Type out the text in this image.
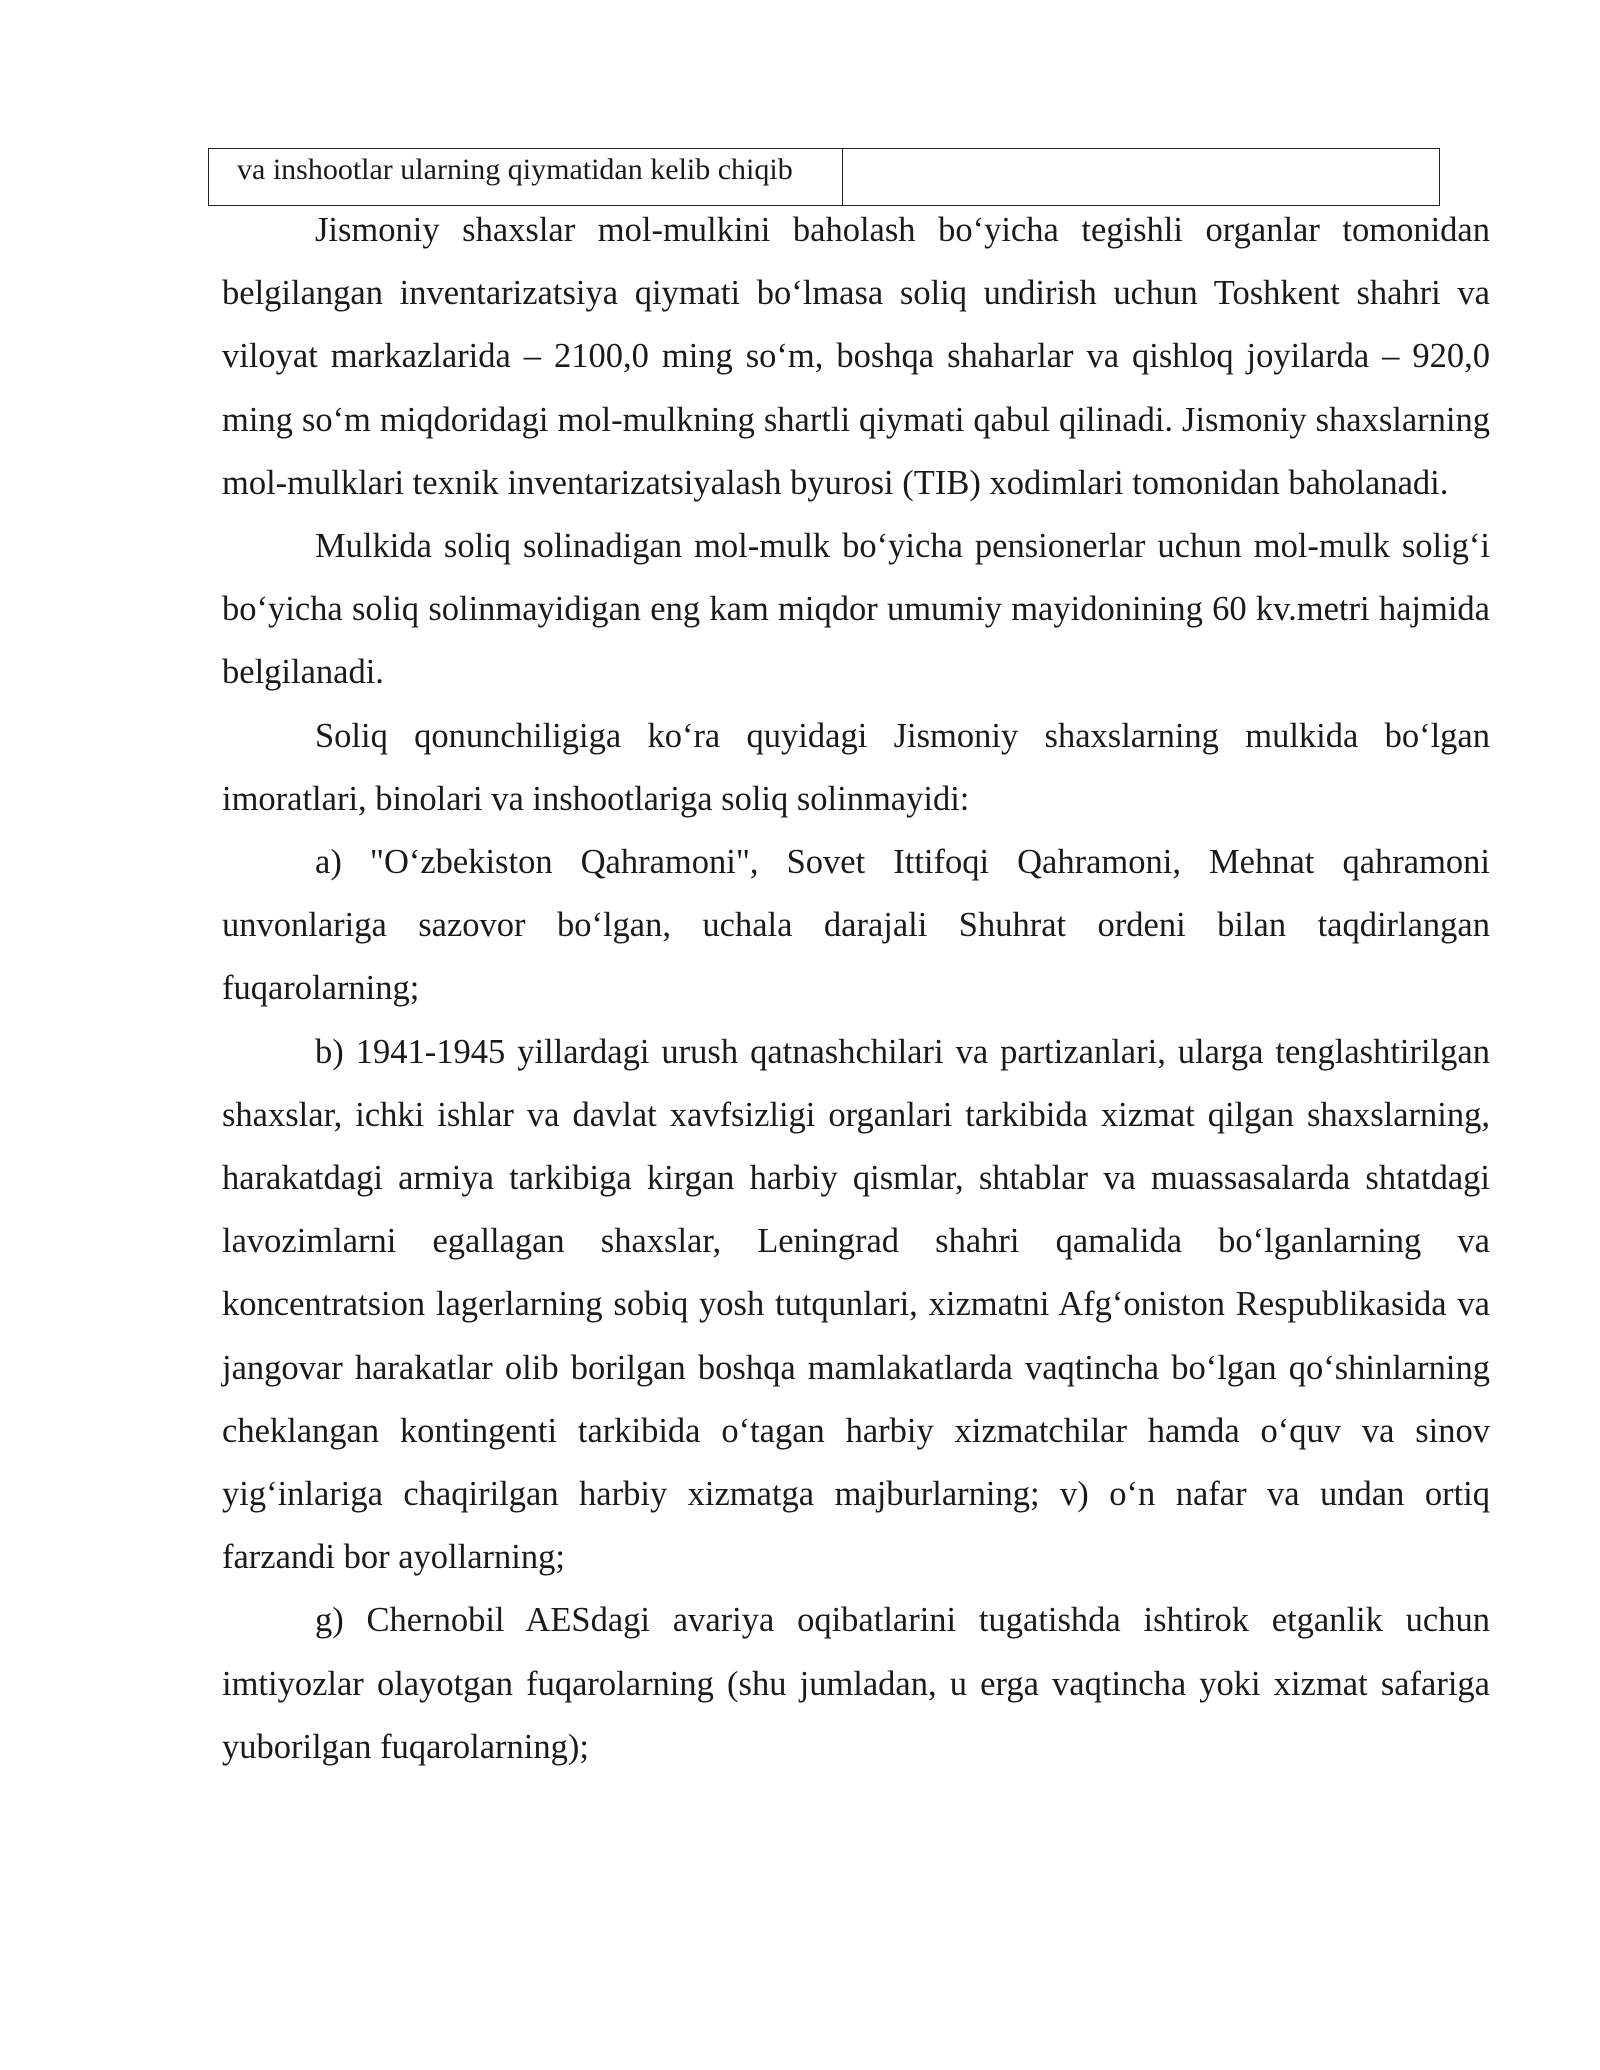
va inshootlar ularning qiymatidan kelib chiqib

Jismoniy shaxslar mol-mulkini baholash bo‘yicha tegishli organlar tomonidan belgilangan inventarizatsiya qiymati bo‘lmasa soliq undirish uchun Toshkent shahri va viloyat markazlarida – 2100,0 ming so‘m, boshqa shaharlar va qishloq joyilarda – 920,0 ming so‘m miqdoridagi mol-mulkning shartli qiymati qabul qilinadi. Jismoniy shaxslarning mol-mulklari texnik inventarizatsiyalash byurosi (TIB) xodimlari tomonidan baholanadi.

Mulkida soliq solinadigan mol-mulk bo‘yicha pensionerlar uchun mol-mulk solig‘i bo‘yicha soliq solinmayidigan eng kam miqdor umumiy mayidonining 60 kv.metri hajmida belgilanadi.

Soliq qonunchiligiga ko‘ra quyidagi Jismoniy shaxslarning mulkida bo‘lgan imoratlari, binolari va inshootlariga soliq solinmayidi:

a) "O‘zbekiston Qahramoni", Sovet Ittifoqi Qahramoni, Mehnat qahramoni unvonlariga sazovor bo‘lgan, uchala darajali Shuhrat ordeni bilan taqdirlangan fuqarolarning;

b) 1941-1945 yillardagi urush qatnashchilari va partizanlari, ularga tenglashtirilgan shaxslar, ichki ishlar va davlat xavfsizligi organlari tarkibida xizmat qilgan shaxslarning, harakatdagi armiya tarkibiga kirgan harbiy qismlar, shtablar va muassasalarda shtatdagi lavozimlarni egallagan shaxslar, Leningrad shahri qamalida bo‘lganlarning va koncentratsion lagerlarning sobiq yosh tutqunlari, xizmatni Afg‘oniston Respublikasida va jangovar harakatlar olib borilgan boshqa mamlakatlarda vaqtincha bo‘lgan qo‘shinlarning cheklangan kontingenti tarkibida o‘tagan harbiy xizmatchilar hamda o‘quv va sinov yig‘inlariga chaqirilgan harbiy xizmatga majburlarning; v) o‘n nafar va undan ortiq farzandi bor ayollarning;

g) Chernobil AESdagi avariya oqibatlarini tugatishda ishtirok etganlik uchun imtiyozlar olayotgan fuqarolarning (shu jumladan, u erga vaqtincha yoki xizmat safariga yuborilgan fuqarolarning);
